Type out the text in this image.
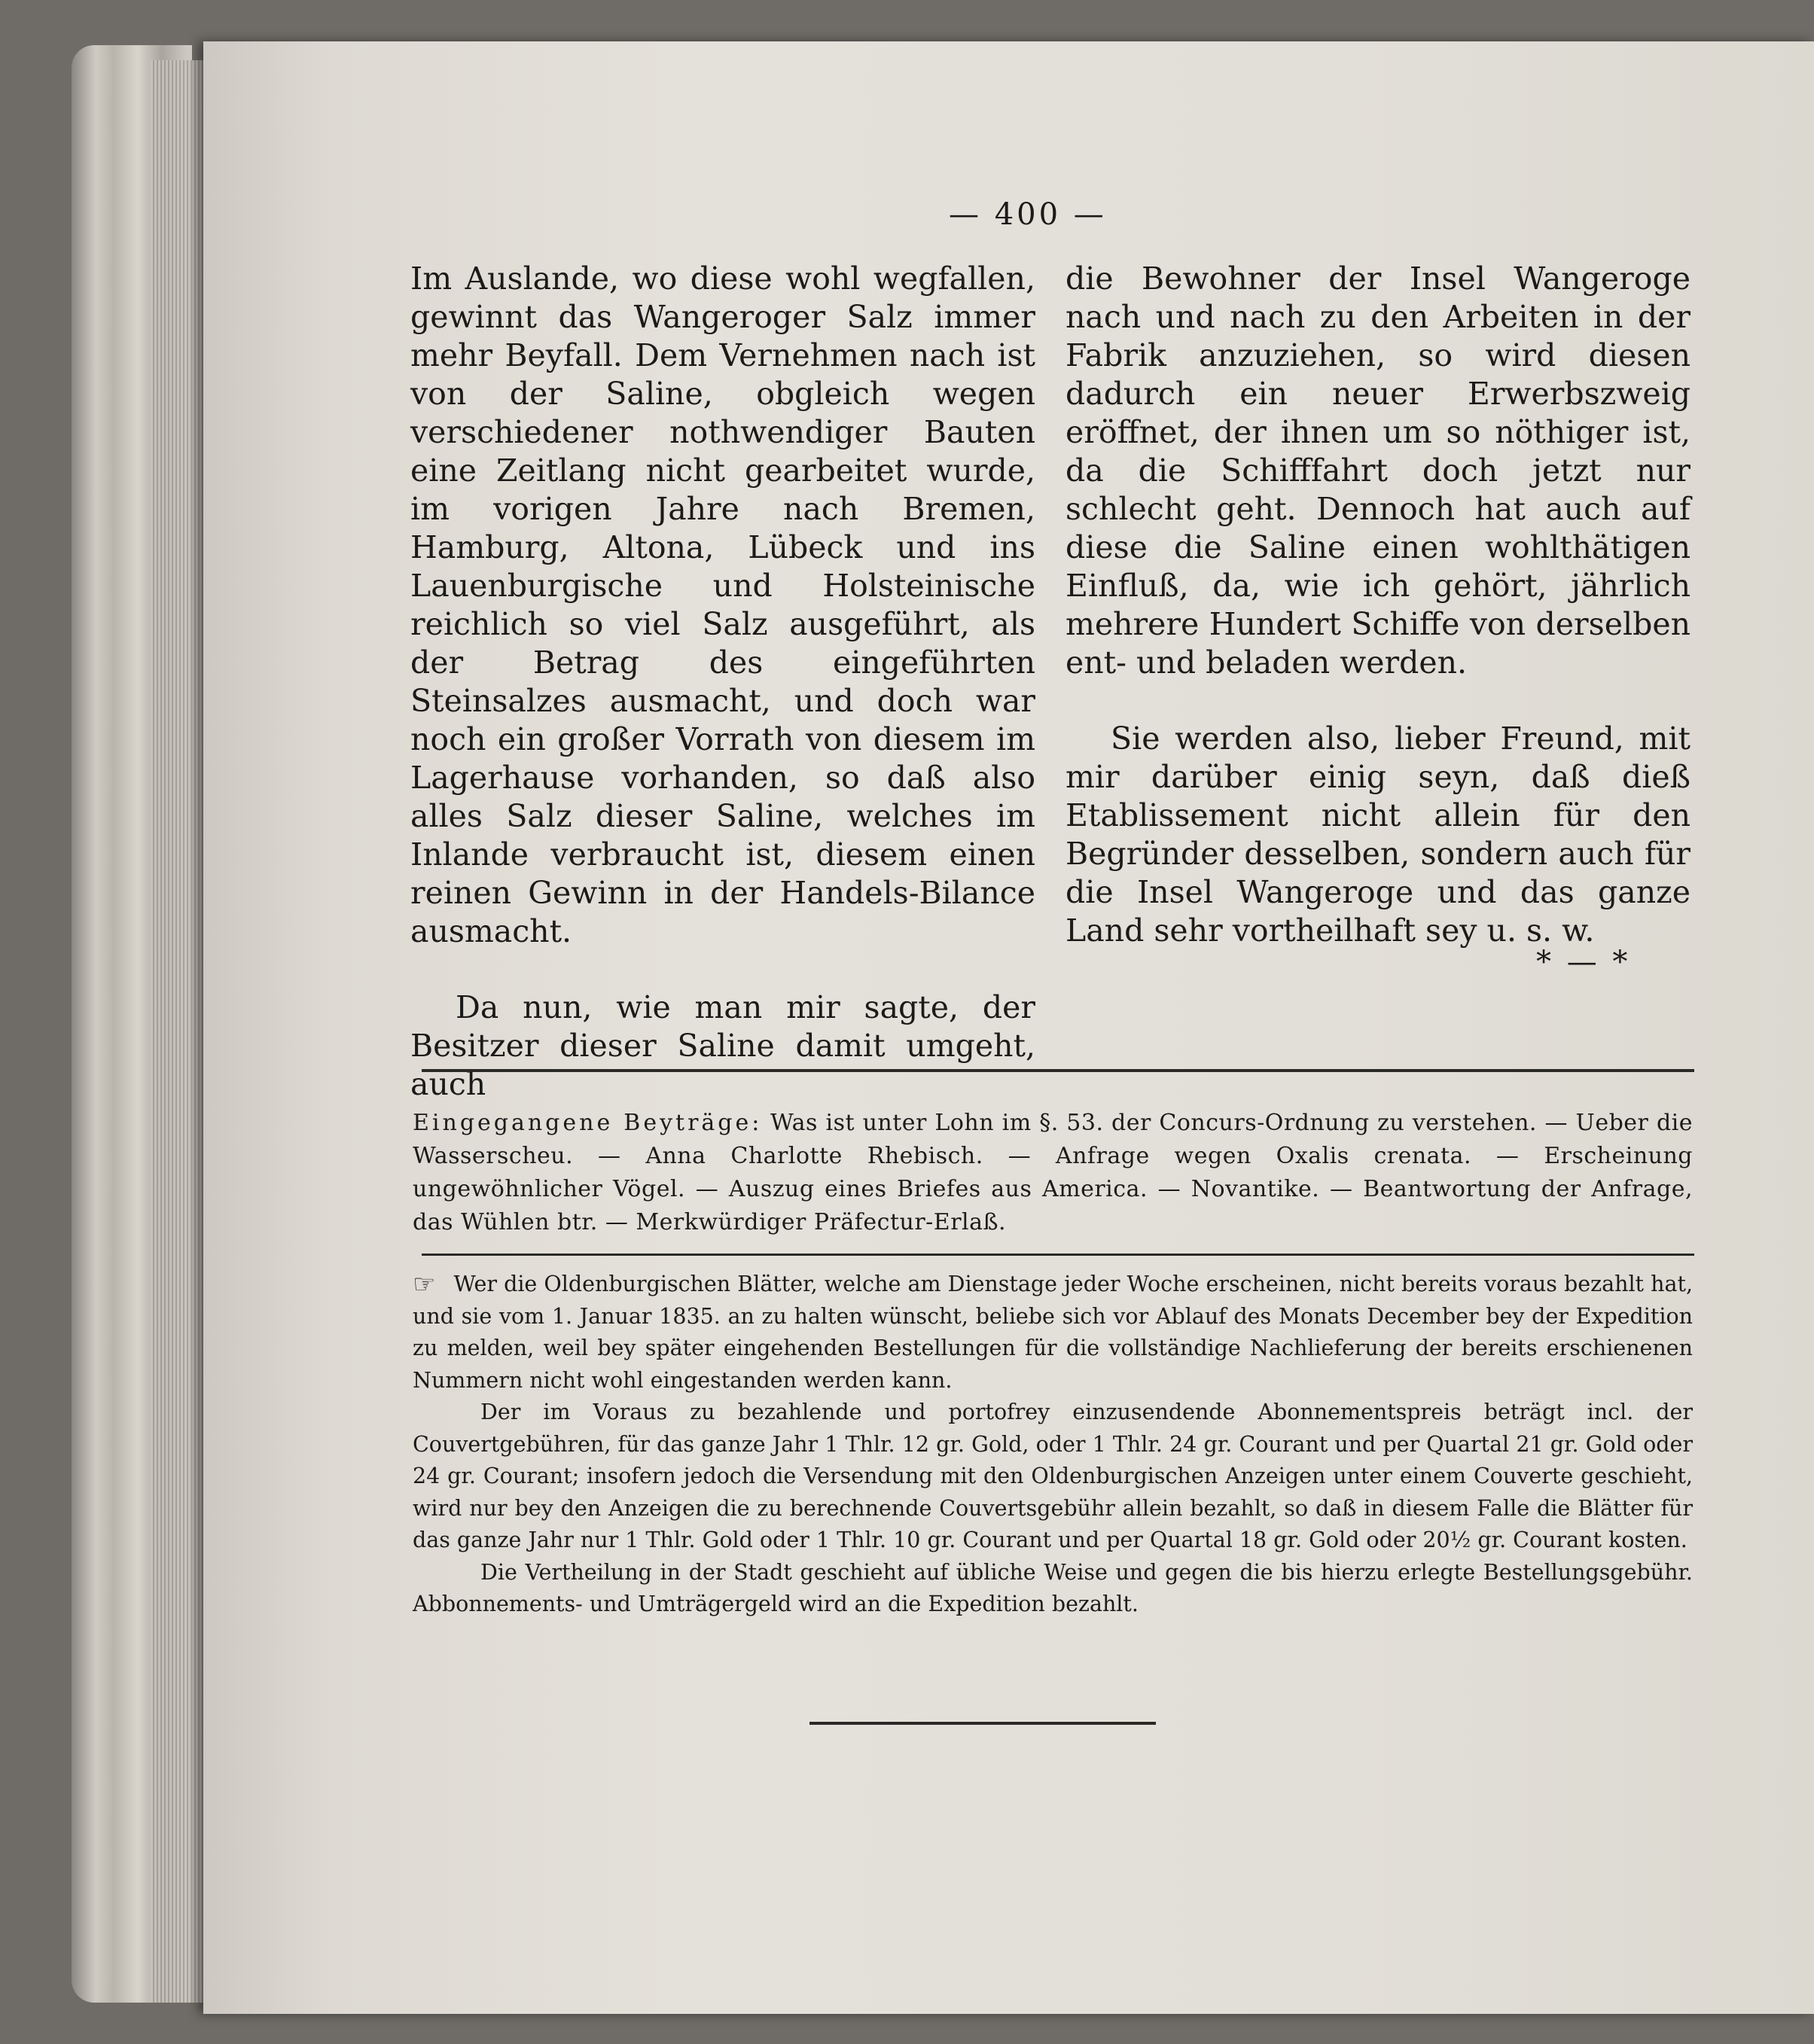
— 400 —

Im Auslande, wo diese wohl wegfallen, gewinnt das Wangeroger Salz immer mehr Beyfall. Dem Vernehmen nach ist von der Saline, obgleich wegen verschiedener nothwendiger Bauten eine Zeitlang nicht gearbeitet wurde, im vorigen Jahre nach Bremen, Hamburg, Altona, Lübeck und ins Lauenburgische und Holsteinische reichlich so viel Salz ausgeführt, als der Betrag des eingeführten Steinsalzes ausmacht, und doch war noch ein großer Vorrath von diesem im Lagerhause vorhanden, so daß also alles Salz dieser Saline, welches im Inlande verbraucht ist, diesem einen reinen Gewinn in der Handels-Bilance ausmacht.

Da nun, wie man mir sagte, der Besitzer dieser Saline damit umgeht, auch

die Bewohner der Insel Wangeroge nach und nach zu den Arbeiten in der Fabrik anzuziehen, so wird diesen dadurch ein neuer Erwerbszweig eröffnet, der ihnen um so nöthiger ist, da die Schifffahrt doch jetzt nur schlecht geht. Dennoch hat auch auf diese die Saline einen wohlthätigen Einfluß, da, wie ich gehört, jährlich mehrere Hundert Schiffe von derselben ent- und beladen werden.

Sie werden also, lieber Freund, mit mir darüber einig seyn, daß dieß Etablissement nicht allein für den Begründer desselben, sondern auch für die Insel Wangeroge und das ganze Land sehr vortheilhaft sey u. s. w.

* — *
Eingegangene Beyträge: Was ist unter Lohn im §. 53. der Concurs-Ordnung zu verstehen. — Ueber die Wasserscheu. — Anna Charlotte Rhebisch. — Anfrage wegen Oxalis crenata. — Erscheinung ungewöhnlicher Vögel. — Auszug eines Briefes aus America. — Novantike. — Beantwortung der Anfrage, das Wühlen btr. — Merkwürdiger Präfectur-Erlaß.

☞ Wer die Oldenburgischen Blätter, welche am Dienstage jeder Woche erscheinen, nicht bereits voraus bezahlt hat, und sie vom 1. Januar 1835. an zu halten wünscht, beliebe sich vor Ablauf des Monats December bey der Expedition zu melden, weil bey später eingehenden Bestellungen für die vollständige Nachlieferung der bereits erschienenen Nummern nicht wohl eingestanden werden kann.

Der im Voraus zu bezahlende und portofrey einzusendende Abonnementspreis beträgt incl. der Couvertgebühren, für das ganze Jahr 1 Thlr. 12 gr. Gold, oder 1 Thlr. 24 gr. Courant und per Quartal 21 gr. Gold oder 24 gr. Courant; insofern jedoch die Versendung mit den Oldenburgischen Anzeigen unter einem Couverte geschieht, wird nur bey den Anzeigen die zu berechnende Couvertsgebühr allein bezahlt, so daß in diesem Falle die Blätter für das ganze Jahr nur 1 Thlr. Gold oder 1 Thlr. 10 gr. Courant und per Quartal 18 gr. Gold oder 20½ gr. Courant kosten.

Die Vertheilung in der Stadt geschieht auf übliche Weise und gegen die bis hierzu erlegte Bestellungsgebühr. Abbonnements- und Umträgergeld wird an die Expedition bezahlt.
